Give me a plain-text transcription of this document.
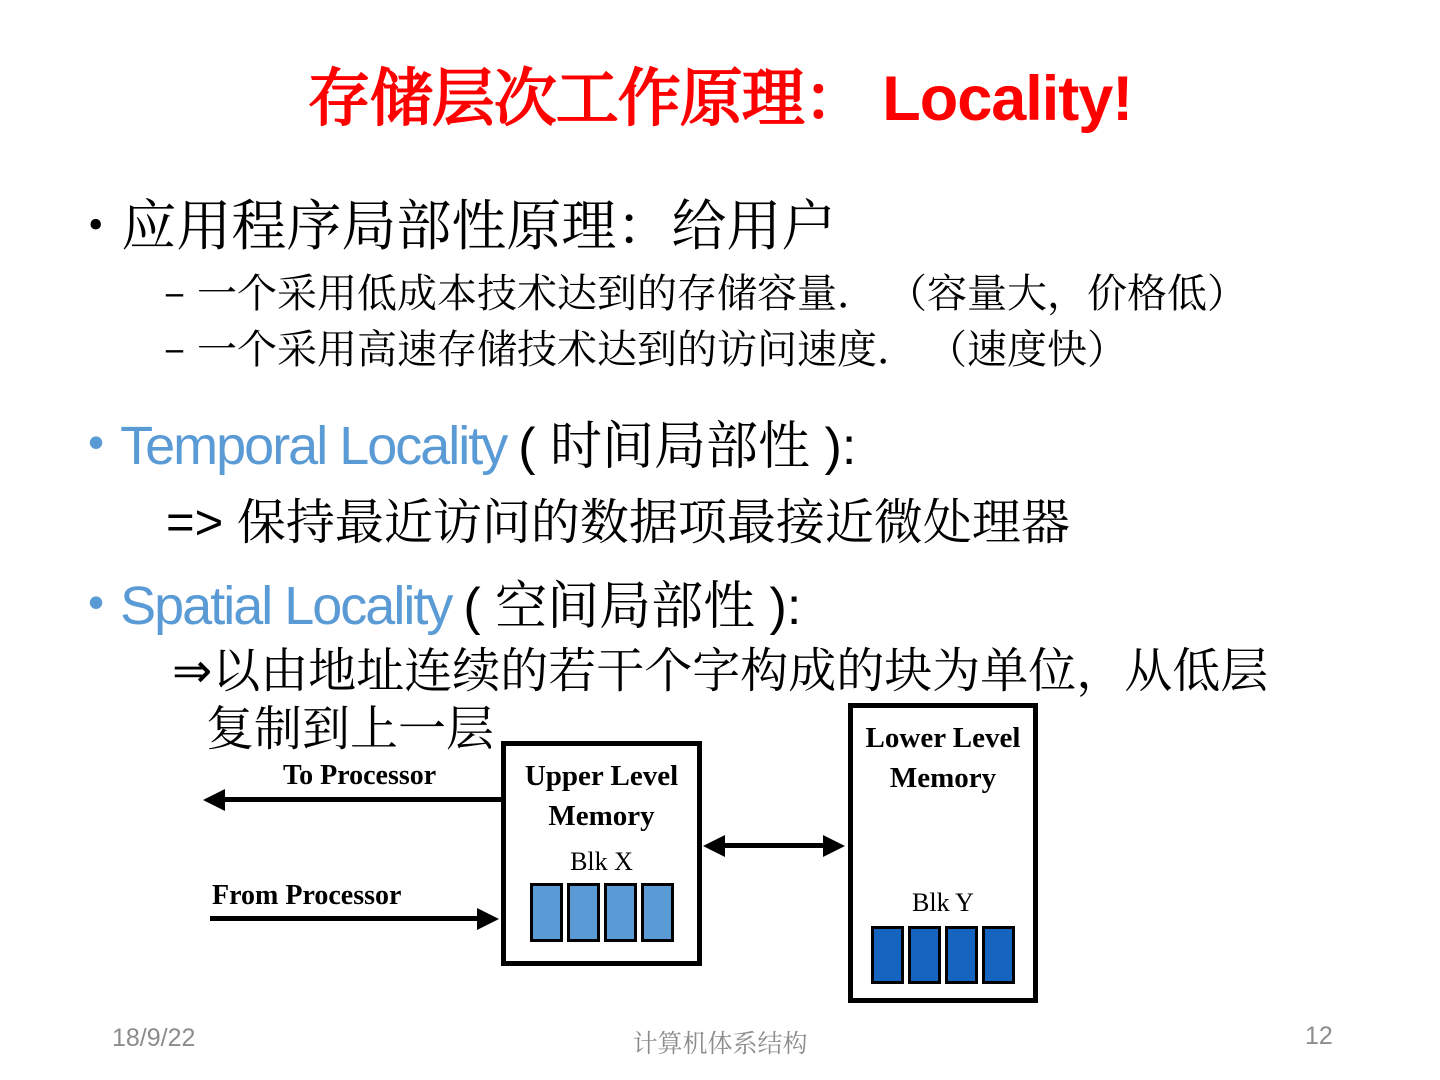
存储层次工作原理： Locality!
• 应用程序局部性原理：给用户
– 一个采用低成本技术达到的存储容量． （容量大，价格低）
– 一个采用高速存储技术达到的访问速度． （速度快）
• Temporal Locality ( 时间局部性 ):
=> 保持最近访问的数据项最接近微处理器
• Spatial Locality ( 空间局部性 ):
⇒以由地址连续的若干个字构成的块为单位，从低层
复制到上一层
To Processor
From Processor
Upper Level
Memory
Blk X
Lower Level
Memory
Blk Y
18/9/22	计算机体系结构	12
